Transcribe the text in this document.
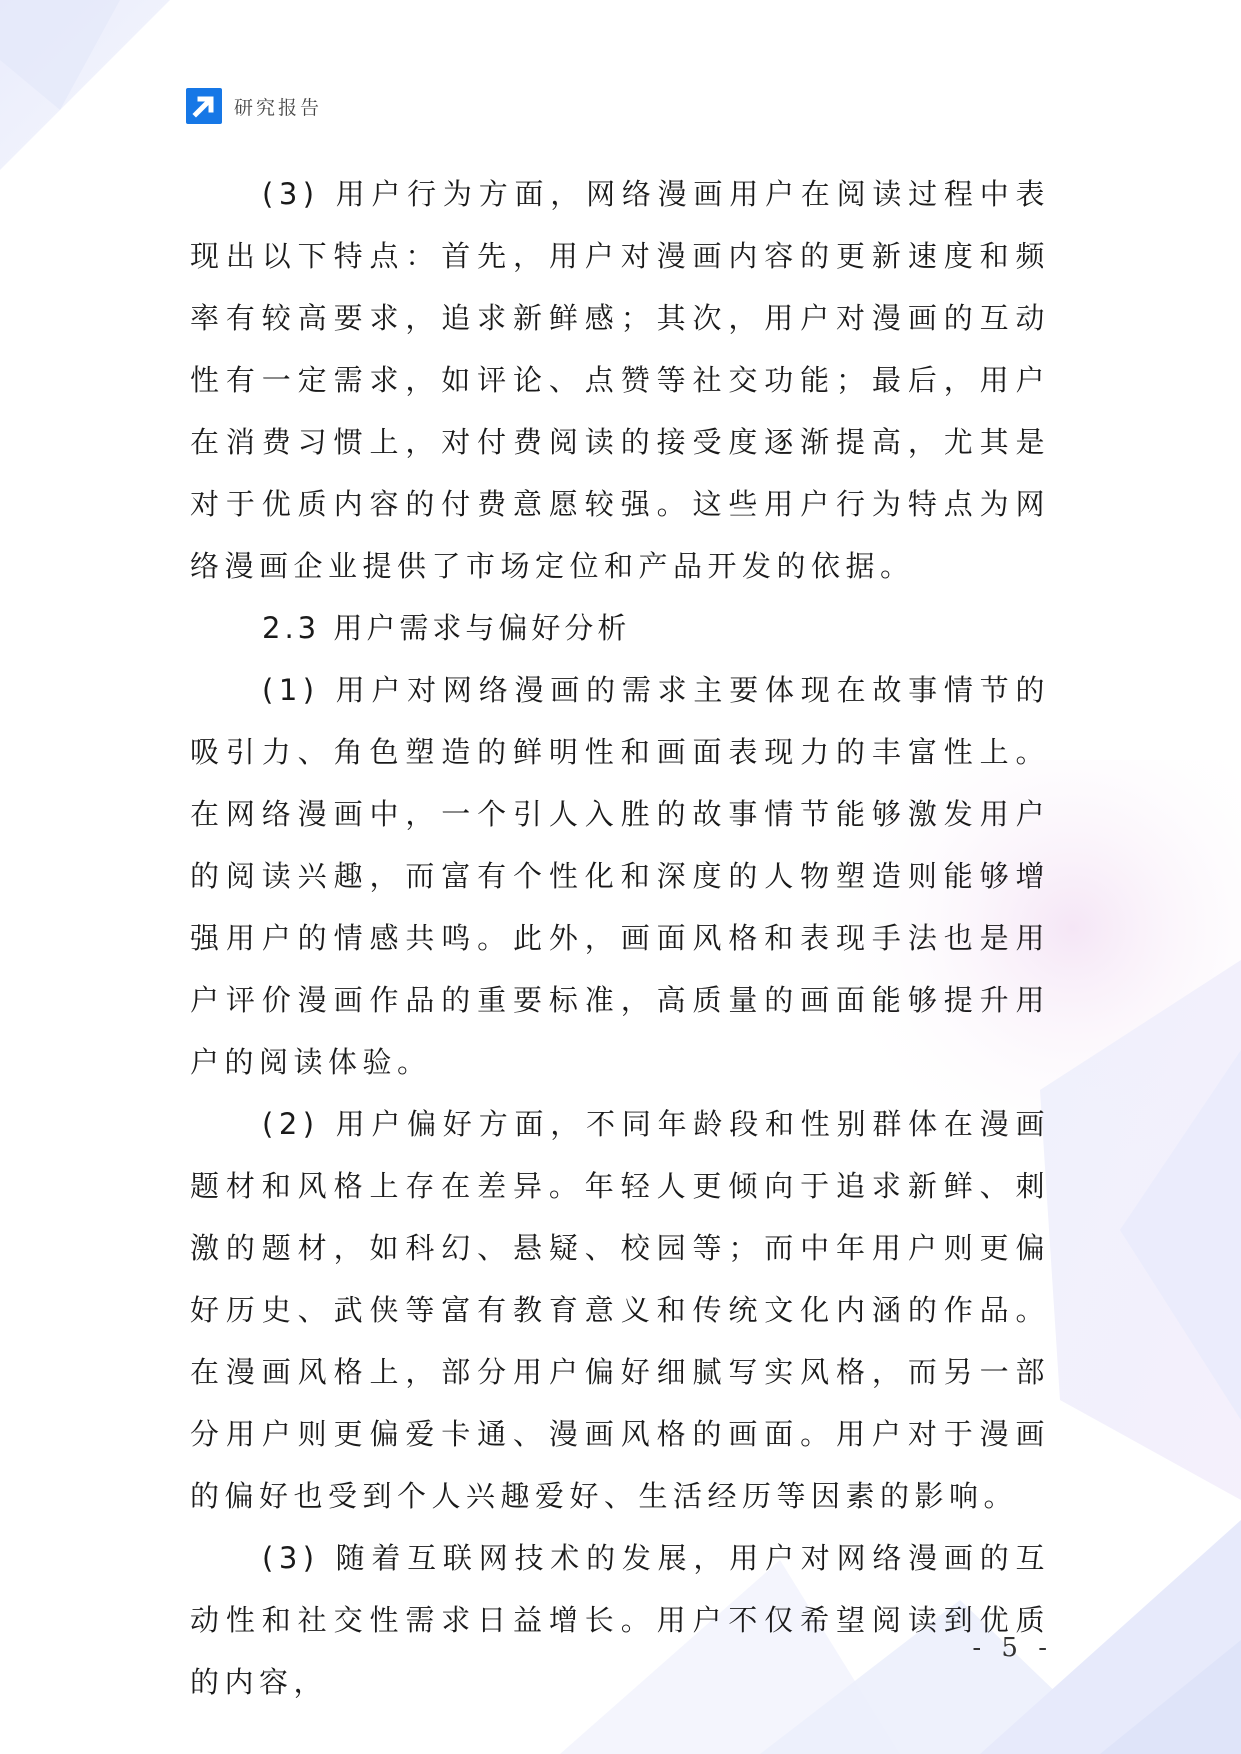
研究报告

(3) 用户行为方面，网络漫画用户在阅读过程中表现出以下特点：首先，用户对漫画内容的更新速度和频率有较高要求，追求新鲜感；其次，用户对漫画的互动性有一定需求，如评论、点赞等社交功能；最后，用户在消费习惯上，对付费阅读的接受度逐渐提高，尤其是对于优质内容的付费意愿较强。这些用户行为特点为网络漫画企业提供了市场定位和产品开发的依据。

2.3 用户需求与偏好分析

(1) 用户对网络漫画的需求主要体现在故事情节的吸引力、角色塑造的鲜明性和画面表现力的丰富性上。在网络漫画中，一个引人入胜的故事情节能够激发用户的阅读兴趣，而富有个性化和深度的人物塑造则能够增强用户的情感共鸣。此外，画面风格和表现手法也是用户评价漫画作品的重要标准，高质量的画面能够提升用户的阅读体验。

(2) 用户偏好方面，不同年龄段和性别群体在漫画题材和风格上存在差异。年轻人更倾向于追求新鲜、刺激的题材，如科幻、悬疑、校园等；而中年用户则更偏好历史、武侠等富有教育意义和传统文化内涵的作品。在漫画风格上，部分用户偏好细腻写实风格，而另一部分用户则更偏爱卡通、漫画风格的画面。用户对于漫画的偏好也受到个人兴趣爱好、生活经历等因素的影响。

(3) 随着互联网技术的发展，用户对网络漫画的互动性和社交性需求日益增长。用户不仅希望阅读到优质的内容，

- 5 -
